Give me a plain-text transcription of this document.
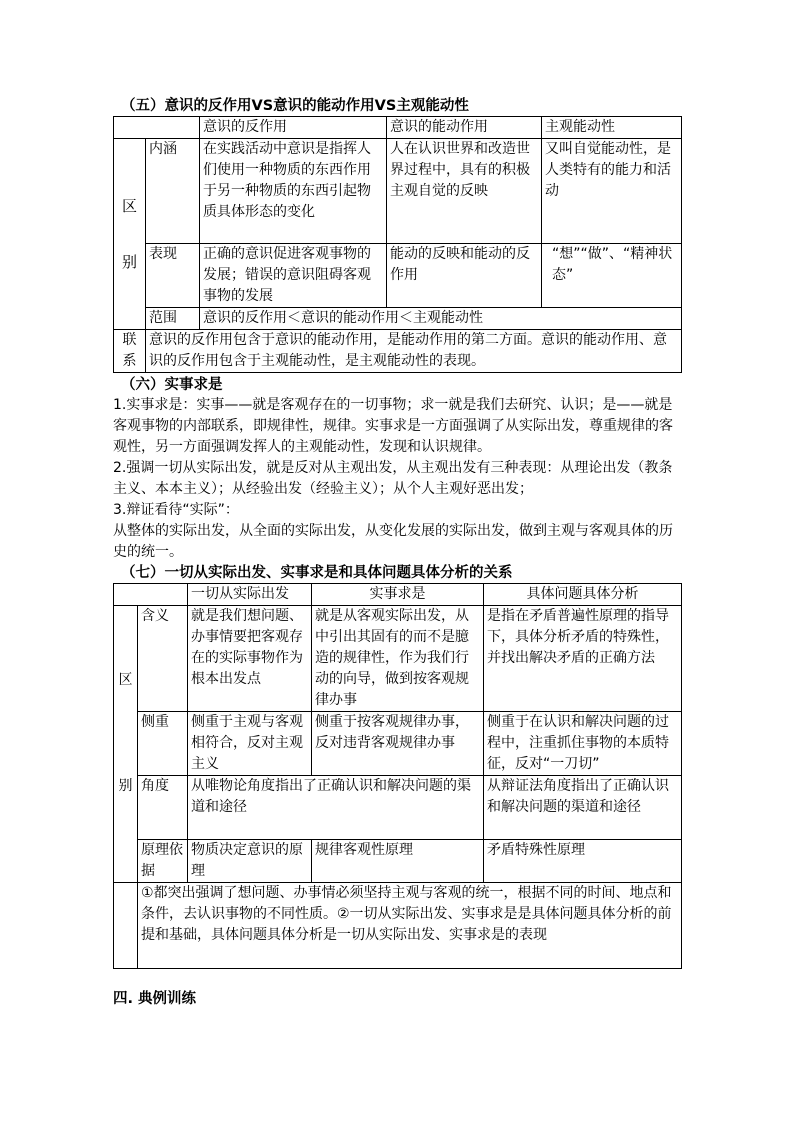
（五）意识的反作用VS意识的能动作用VS主观能动性
		意识的反作用	意识的能动作用	主观能动性

区
别	内涵	在实践活动中意识是指挥人们使用一种物质的东西作用于另一种物质的东西引起物质具体形态的变化	人在认识世界和改造世界过程中，具有的积极主观自觉的反映	又叫自觉能动性，是人类特有的能力和活动
	表现	正确的意识促进客观事物的发展；错误的意识阻碍客观事物的发展	能动的反映和能动的反作用	“想”“做”、“精神状态”
	范围	意识的反作用＜意识的能动作用＜主观能动性		

联
系	意识的反作用包含于意识的能动作用，是能动作用的第二方面。意识的能动作用、意识的反作用包含于主观能动性，是主观能动性的表现。			
（六）实事求是

1.实事求是：实事——就是客观存在的一切事物；求一就是我们去研究、认识；是——就是客观事物的内部联系，即规律性，规律。实事求是一方面强调了从实际出发，尊重规律的客观性，另一方面强调发挥人的主观能动性，发现和认识规律。

2.强调一切从实际出发，就是反对从主观出发，从主观出发有三种表现：从理论出发（教条主义、本本主义）；从经验出发（经验主义）；从个人主观好恶出发；

3.辩证看待“实际”：

从整体的实际出发，从全面的实际出发，从变化发展的实际出发，做到主观与客观具体的历史的统一。

（七）一切从实际出发、实事求是和具体问题具体分析的关系
		一切从实际出发	实事求是	具体问题具体分析

区
别	含义	就是我们想问题、办事情要把客观存在的实际事物作为根本出发点	就是从客观实际出发，从中引出其固有的而不是臆造的规律性，作为我们行动的向导，做到按客观规律办事	是指在矛盾普遍性原理的指导下，具体分析矛盾的特殊性，并找出解决矛盾的正确方法
	侧重	侧重于主观与客观相符合，反对主观主义	侧重于按客观规律办事，反对违背客观规律办事	侧重于在认识和解决问题的过程中，注重抓住事物的本质特征，反对“一刀切”
	角度	从唯物论角度指出了正确认识和解决问题的渠道和途径		从辩证法角度指出了正确认识和解决问题的渠道和途径
	原理依据	物质决定意识的原理	规律客观性原理	矛盾特殊性原理
	①都突出强调了想问题、办事情必须坚持主观与客观的统一，根据不同的时间、地点和条件，去认识事物的不同性质。②一切从实际出发、实事求是是具体问题具体分析的前提和基础，具体问题具体分析是一切从实际出发、实事求是的表现			
四. 典例训练
